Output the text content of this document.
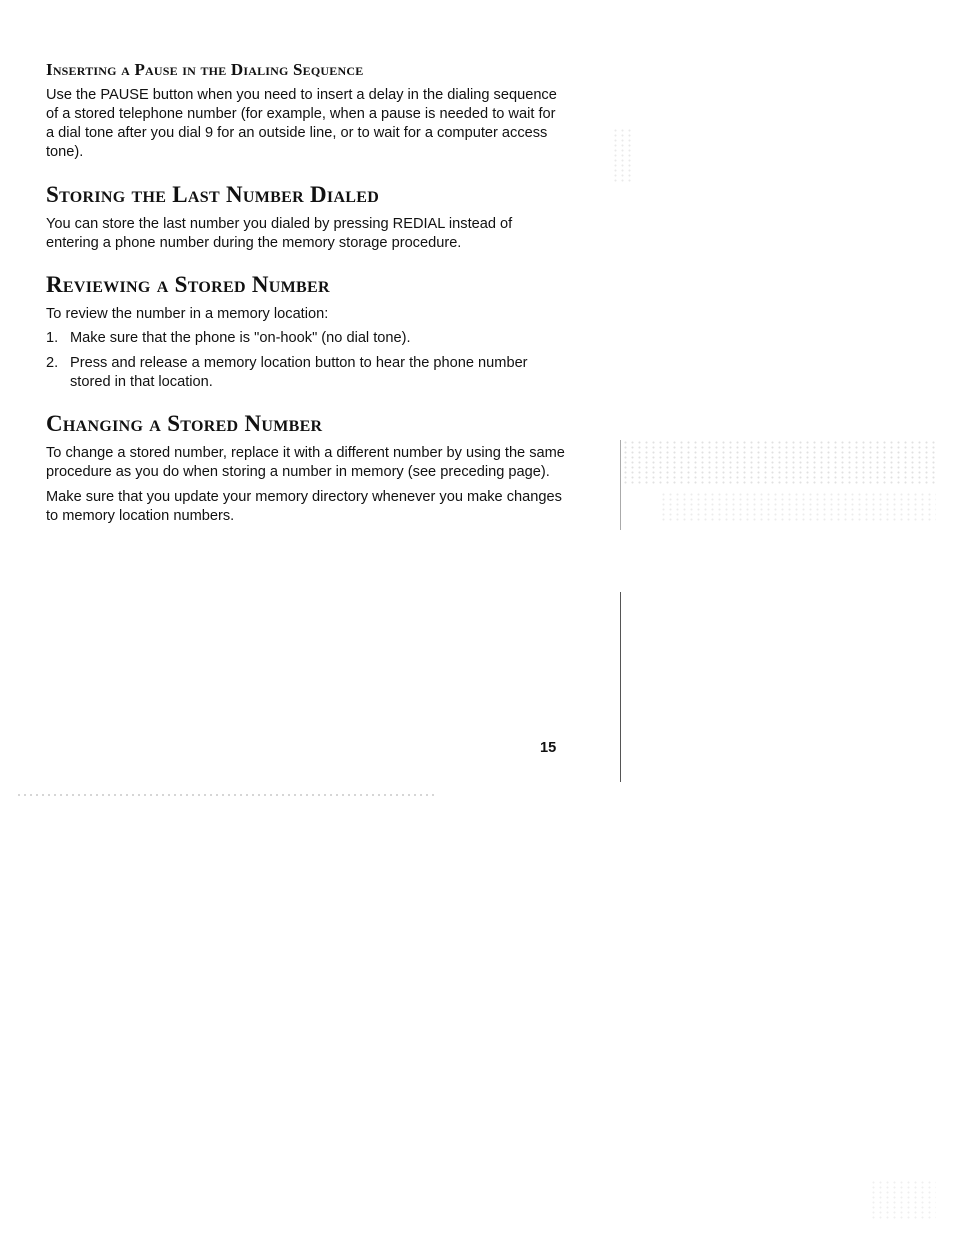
Inserting a Pause in the Dialing Sequence

Use the PAUSE button when you need to insert a delay in the dialing sequence of a stored telephone number (for example, when a pause is needed to wait for a dial tone after you dial 9 for an outside line, or to wait for a computer access tone).

Storing the Last Number Dialed

You can store the last number you dialed by pressing REDIAL instead of entering a phone number during the memory storage procedure.

Reviewing a Stored Number

To review the number in a memory location:

1. Make sure that the phone is "on-hook" (no dial tone).
2. Press and release a memory location button to hear the phone number stored in that location.
Changing a Stored Number

To change a stored number, replace it with a different number by using the same procedure as you do when storing a number in memory (see preceding page).

Make sure that you update your memory directory whenever you make changes to memory location numbers.

15
